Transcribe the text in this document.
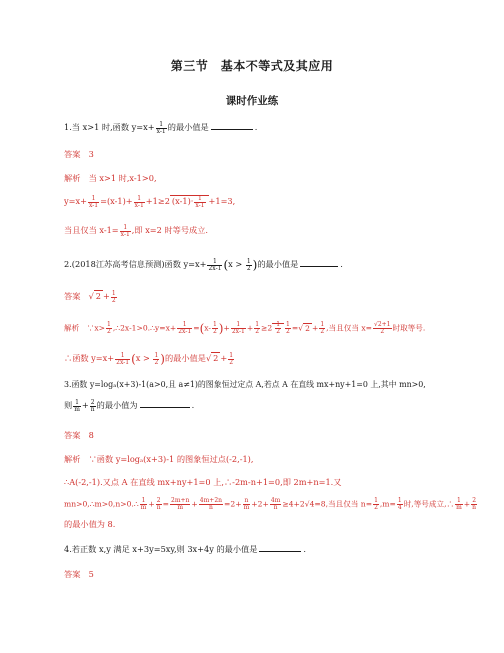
第三节　基本不等式及其应用
课时作业练
1.当 x>1 时,函数 $y=x+ \frac{1}{x-1}$ 的最小值是	.
答案　3
解析　当 x>1 时,x-1>0,
$y=x+ \frac{1}{x-1} =(x-1)+ \frac{1}{x-1} +1\ge 2$ $(x-1)\cdot \frac{1}{x-1} +1=3$,
当且仅当 $x-1= \frac{1}{x-1}$ ,即 x=2 时等号成立.
2.(2018江苏高考信息预测)函数 $y=x+ \frac{1}{2x-1} (x > \frac{1}{2}$ )的最小值是	.
答案　√ $2 + \frac{1}{2}$
解析　∵x> $\frac{1}{2}$ ,∴2x-1>0.∴y=x+ $\frac{1}{2x-1} =(x- \frac{1}{2}$ )+ $\frac{1}{2x-1} + \frac{1}{2} \ge 2 \frac{1}{2} \frac{1}{2}$ =√ $2 + \frac{1}{2}$ ,当且仅当 $x= \frac{√2+1}{2}$ 时取等号.
∴函数 $y=x+ \frac{1}{2x-1} (x > \frac{1}{2}$ )的最小值是√ $2 + \frac{1}{2}$
3.函数 y=logₐ(x+3)-1(a>0,且 a≠1)的图象恒过定点 A,若点 A 在直线 mx+ny+1=0 上,其中 mn>0,
则 $\frac{1}{m} + \frac{2}{n}$ 的最小值为	.
答案　8
解析　∵函数 y=logₐ(x+3)-1 的图象恒过点(-2,-1),
∴A(-2,-1).又点 A 在直线 mx+ny+1=0 上,∴-2m-n+1=0,即 2m+n=1.又
mn>0,∴m>0,n>0.∴ $\frac{1}{m} + \frac{2}{n} = \frac{2m+n}{m} + \frac{4m+2n}{n} =2+ \frac{n}{m} +2+ \frac{4m}{n} \ge 4+2√4=8$,当且仅当 $n= \frac{1}{2} ,m= \frac{1}{4}$ 时,等号成立,∴ $\frac{1}{m} + \frac{2}{n}$
的最小值为 8.
4.若正数 x,y 满足 x+3y=5xy,则 3x+4y 的最小值是	.
答案　5
